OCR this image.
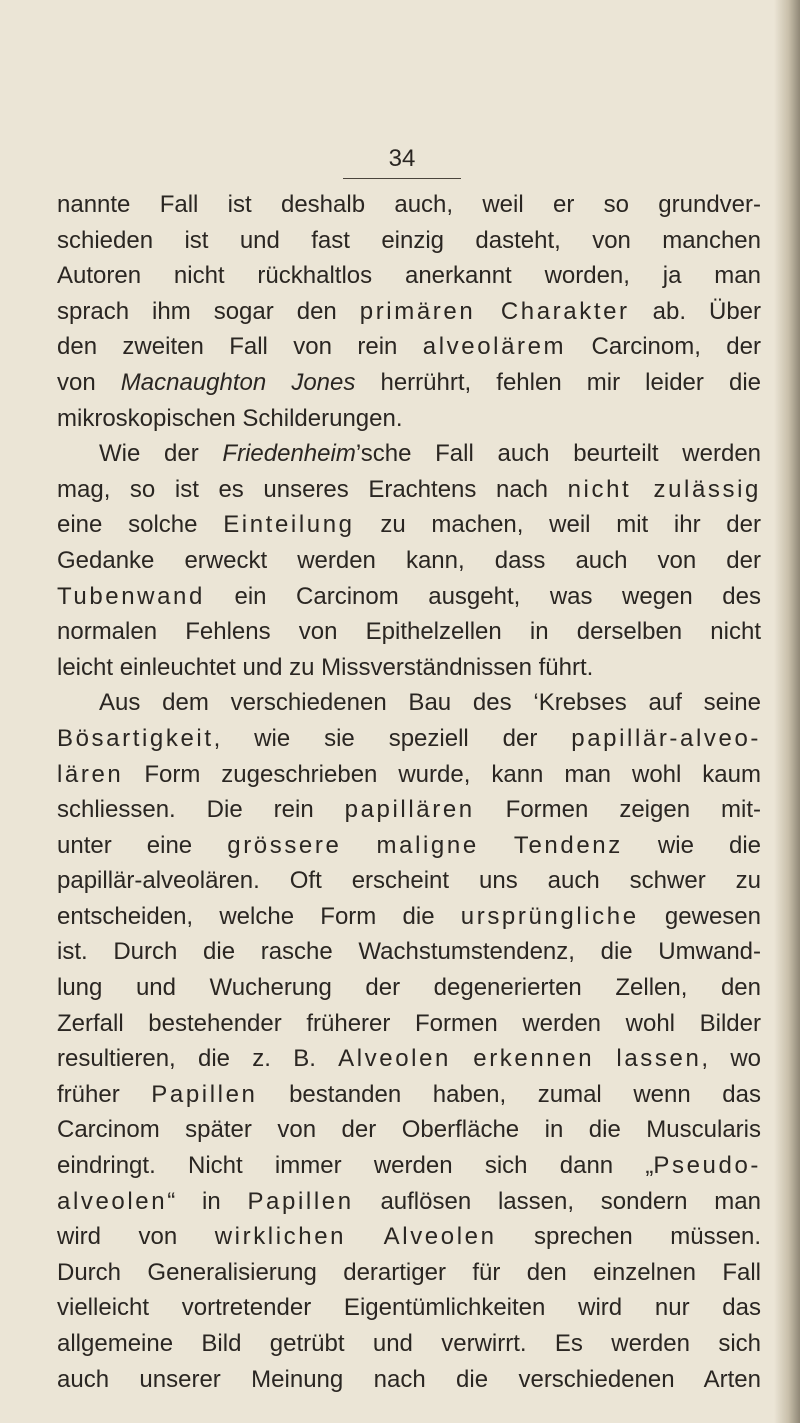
34
nannte Fall ist deshalb auch, weil er so grundver-
schieden ist und fast einzig dasteht, von manchen
Autoren nicht rückhaltlos anerkannt worden, ja man
sprach ihm sogar den primären Charakter ab. Über
den zweiten Fall von rein alveolärem Carcinom, der
von Macnaughton Jones herrührt, fehlen mir leider die
mikroskopischen Schilderungen.
Wie der Friedenheim’sche Fall auch beurteilt werden
mag, so ist es unseres Erachtens nach nicht zulässig
eine solche Einteilung zu machen, weil mit ihr der
Gedanke erweckt werden kann, dass auch von der
Tubenwand ein Carcinom ausgeht, was wegen des
normalen Fehlens von Epithelzellen in derselben nicht
leicht einleuchtet und zu Missverständnissen führt.
Aus dem verschiedenen Bau des ‘Krebses auf seine
Bösartigkeit, wie sie speziell der papillär-alveo-
lären Form zugeschrieben wurde, kann man wohl kaum
schliessen. Die rein papillären Formen zeigen mit-
unter eine grössere maligne Tendenz wie die
papillär-alveolären. Oft erscheint uns auch schwer zu
entscheiden, welche Form die ursprüngliche gewesen
ist. Durch die rasche Wachstumstendenz, die Umwand-
lung und Wucherung der degenerierten Zellen, den
Zerfall bestehender früherer Formen werden wohl Bilder
resultieren, die z. B. Alveolen erkennen lassen, wo
früher Papillen bestanden haben, zumal wenn das
Carcinom später von der Oberfläche in die Muscularis
eindringt. Nicht immer werden sich dann „Pseudo-
alveolen“ in Papillen auflösen lassen, sondern man
wird von wirklichen Alveolen sprechen müssen.
Durch Generalisierung derartiger für den einzelnen Fall
vielleicht vortretender Eigentümlichkeiten wird nur das
allgemeine Bild getrübt und verwirrt. Es werden sich
auch unserer Meinung nach die verschiedenen Arten
